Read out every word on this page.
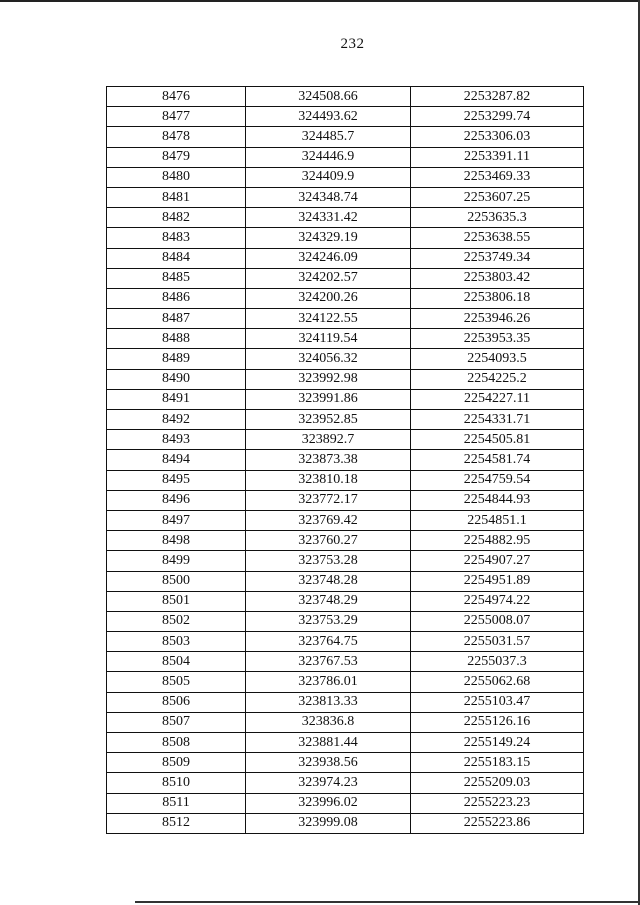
232
8476	324508.66	2253287.82
8477	324493.62	2253299.74
8478	324485.7	2253306.03
8479	324446.9	2253391.11
8480	324409.9	2253469.33
8481	324348.74	2253607.25
8482	324331.42	2253635.3
8483	324329.19	2253638.55
8484	324246.09	2253749.34
8485	324202.57	2253803.42
8486	324200.26	2253806.18
8487	324122.55	2253946.26
8488	324119.54	2253953.35
8489	324056.32	2254093.5
8490	323992.98	2254225.2
8491	323991.86	2254227.11
8492	323952.85	2254331.71
8493	323892.7	2254505.81
8494	323873.38	2254581.74
8495	323810.18	2254759.54
8496	323772.17	2254844.93
8497	323769.42	2254851.1
8498	323760.27	2254882.95
8499	323753.28	2254907.27
8500	323748.28	2254951.89
8501	323748.29	2254974.22
8502	323753.29	2255008.07
8503	323764.75	2255031.57
8504	323767.53	2255037.3
8505	323786.01	2255062.68
8506	323813.33	2255103.47
8507	323836.8	2255126.16
8508	323881.44	2255149.24
8509	323938.56	2255183.15
8510	323974.23	2255209.03
8511	323996.02	2255223.23
8512	323999.08	2255223.86
